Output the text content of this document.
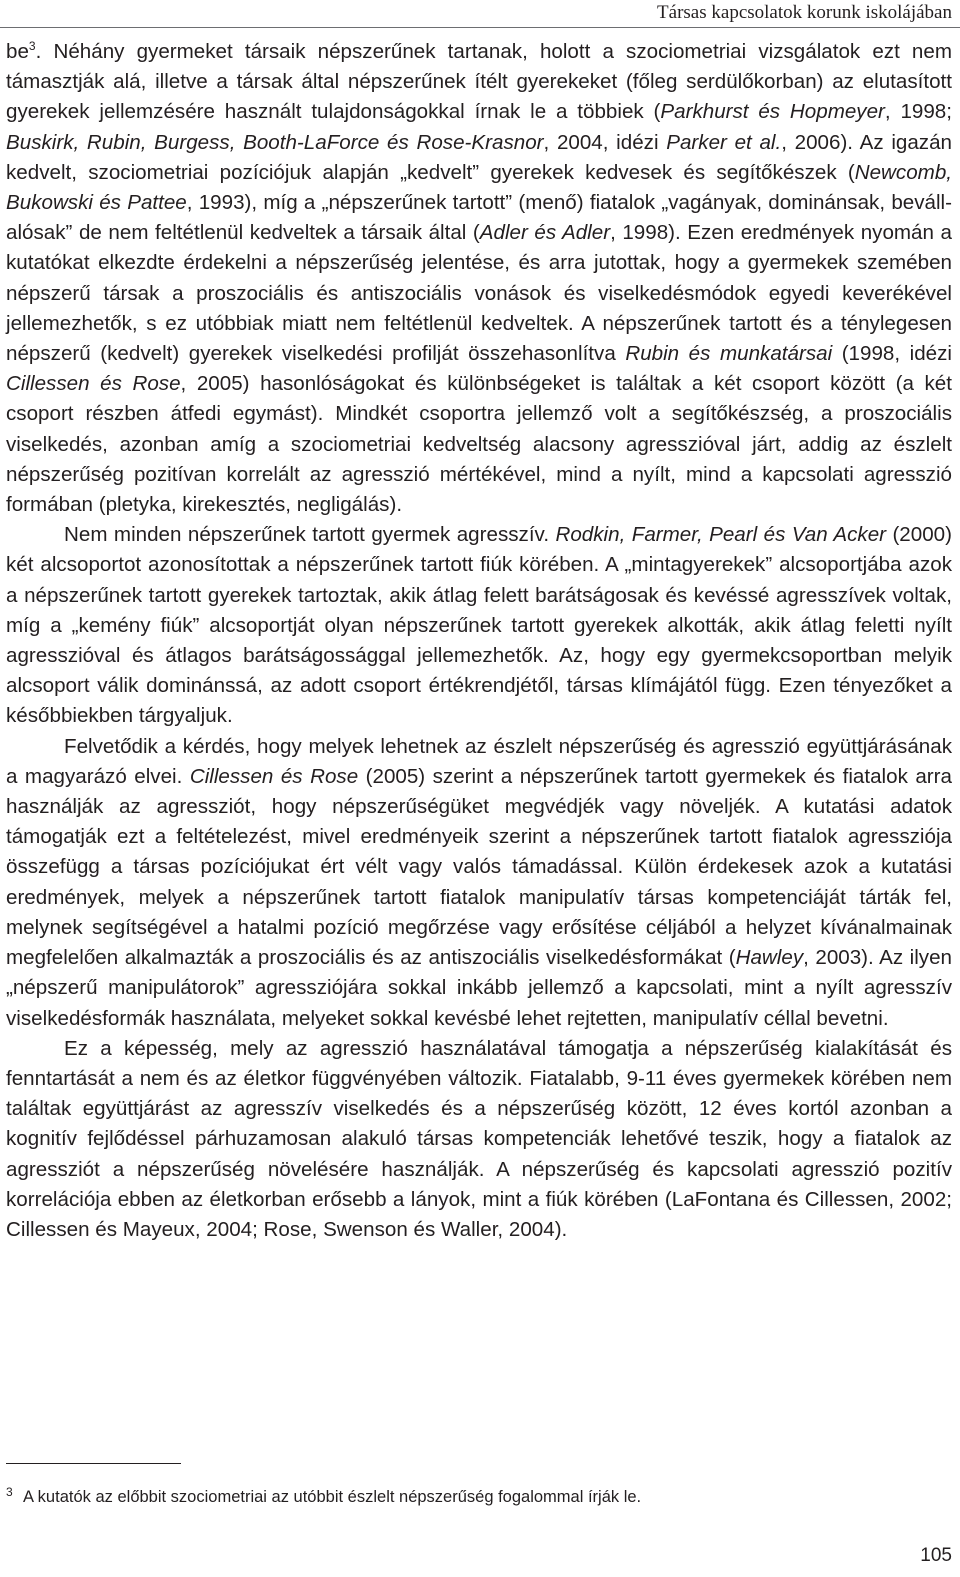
Társas kapcsolatok korunk iskolájában

$be^3$. Néhány gyermeket társaik népszerűnek tartanak, holott a szociometriai vizsgálatok ezt nem támasztják alá, illetve a társak által népszerűnek ítélt gyerekeket (főleg serdülőkorban) az elutasított gyerekek jellemzésére használt tulajdonságokkal írnak le a többiek (Parkhurst és Hopmeyer, 1998; Buskirk, Rubin, Burgess, Booth-LaForce és Rose-Krasnor, 2004, idézi Parker et al., 2006). Az igazán kedvelt, szociometriai pozíciójuk alapján „kedvelt” gyerekek kedvesek és segítőkészek (Newcomb, Bukowski és Pattee, 1993), míg a „népszerűnek tartott” (menő) fiatalok „vagányak, dominánsak, bevállalósak” de nem feltétlenül kedveltek a társaik által (Adler és Adler, 1998). Ezen eredmények nyomán a kutatókat elkezdte érdekelni a népszerűség jelentése, és arra jutottak, hogy a gyermekek szemében népszerű társak a proszociális és antiszociális vonások és viselkedésmódok egyedi keverékével jellemezhetők, s ez utóbbiak miatt nem feltétlenül kedveltek. A népszerűnek tartott és a ténylegesen népszerű (kedvelt) gyerekek viselkedési profilját összehasonlítva Rubin és munkatársai (1998, idézi Cillessen és Rose, 2005) hasonlóságokat és különbségeket is találtak a két csoport között (a két csoport részben átfedi egymást). Mindkét csoportra jellemző volt a segítőkészség, a proszociális viselkedés, azonban amíg a szociometriai kedveltség alacsony agresszióval járt, addig az észlelt népszerűség pozitívan korrelált az agresszió mértékével, mind a nyílt, mind a kapcsolati agresszió formában (pletyka, kirekesztés, negligálás).

Nem minden népszerűnek tartott gyermek agresszív. Rodkin, Farmer, Pearl és Van Acker (2000) két alcsoportot azonosítottak a népszerűnek tartott fiúk körében. A „mintagyerekek” alcsoportjába azok a népszerűnek tartott gyerekek tartoztak, akik átlag felett barátságosak és kevéssé agresszívek voltak, míg a „kemény fiúk” alcsoportját olyan népszerűnek tartott gyerekek alkották, akik átlag feletti nyílt agresszióval és átlagos barátságossággal jellemezhetők. Az, hogy egy gyermekcsoportban melyik alcsoport válik dominánssá, az adott csoport értékrendjétől, társas klímájától függ. Ezen tényezőket a későbbiekben tárgyaljuk.

Felvetődik a kérdés, hogy melyek lehetnek az észlelt népszerűség és agresszió együttjárásának a magyarázó elvei. Cillessen és Rose (2005) szerint a népszerűnek tartott gyermekek és fiatalok arra használják az agressziót, hogy népszerűségüket megvédjék vagy növeljék. A kutatási adatok támogatják ezt a feltételezést, mivel eredményeik szerint a népszerűnek tartott fiatalok agressziója összefügg a társas pozíciójukat ért vélt vagy valós támadással. Külön érdekesek azok a kutatási eredmények, melyek a népszerűnek tartott fiatalok manipulatív társas kompetenciáját tárták fel, melynek segítségével a hatalmi pozíció megőrzése vagy erősítése céljából a helyzet kívánalmainak megfelelően alkalmazták a proszociális és az antiszociális viselkedésformákat (Hawley, 2003). Az ilyen „népszerű manipulátorok” agressziójára sokkal inkább jellemző a kapcsolati, mint a nyílt agresszív viselkedésformák használata, melyeket sokkal kevésbé lehet rejtetten, manipulatív céllal bevetni.

Ez a képesség, mely az agresszió használatával támogatja a népszerűség kialakítását és fenntartását a nem és az életkor függvényében változik. Fiatalabb, 9-11 éves gyermekek körében nem találtak együttjárást az agresszív viselkedés és a népszerűség között, 12 éves kortól azonban a kognitív fejlődéssel párhuzamosan alakuló társas kompetenciák lehetővé teszik, hogy a fiatalok az agressziót a népszerűség növelésére használják. A népszerűség és kapcsolati agresszió pozitív korrelációja ebben az életkorban erősebb a lányok, mint a fiúk körében (LaFontana és Cillessen, 2002; Cillessen és Mayeux, 2004; Rose, Swenson és Waller, 2004).

3 A kutatók az előbbit szociometriai az utóbbit észlelt népszerűség fogalommal írják le.
105
